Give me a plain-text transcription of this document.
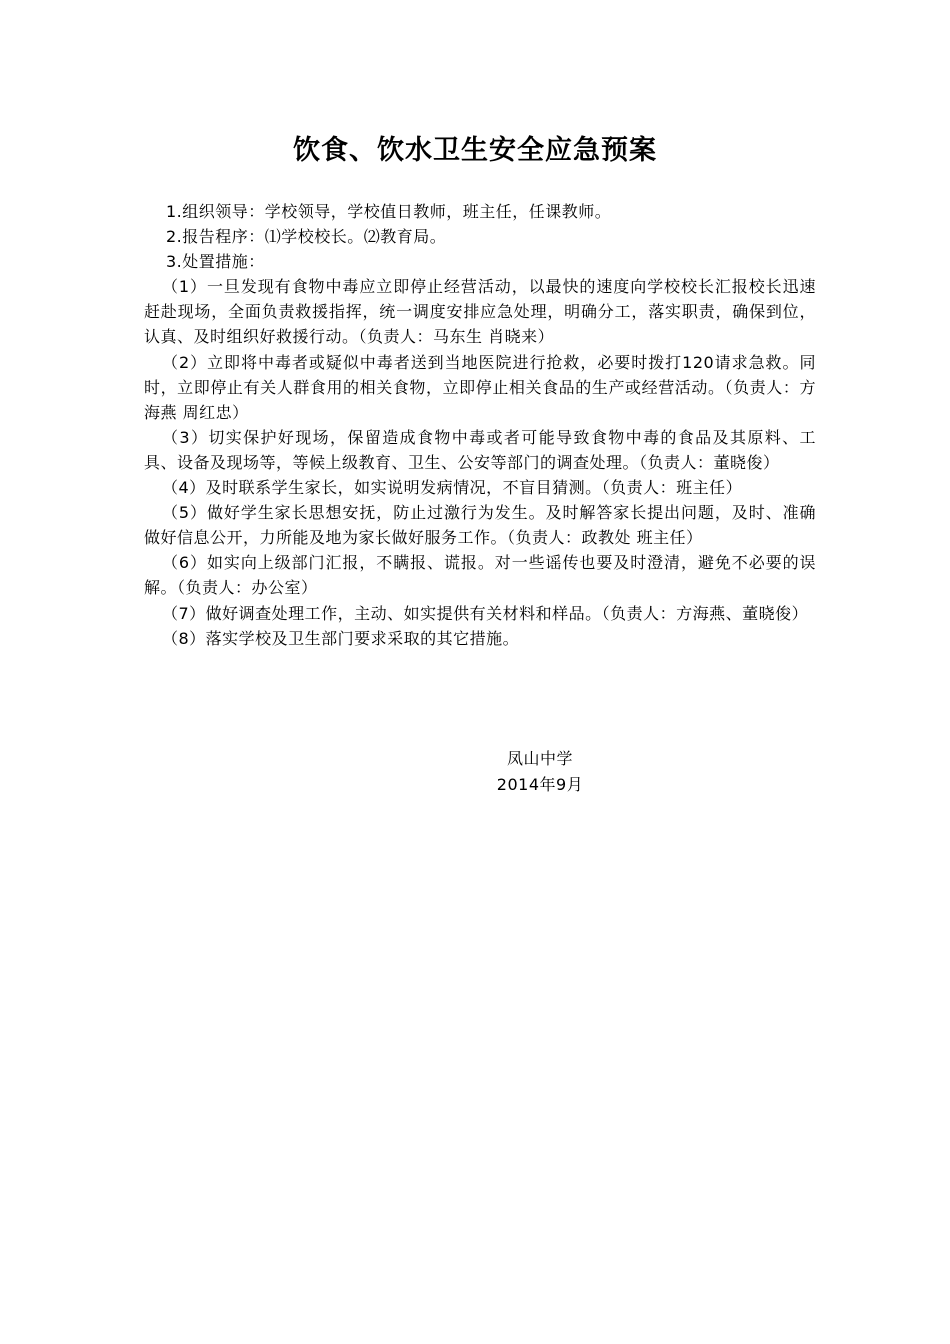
饮食、饮水卫生安全应急预案

1.组织领导：学校领导，学校值日教师，班主任，任课教师。

2.报告程序：⑴学校校长。⑵教育局。

3.处置措施：

（1）一旦发现有食物中毒应立即停止经营活动，以最快的速度向学校校长汇报校长迅速赶赴现场，全面负责救援指挥，统一调度安排应急处理，明确分工，落实职责，确保到位，认真、及时组织好救援行动。（负责人：马东生 肖晓来）

（2）立即将中毒者或疑似中毒者送到当地医院进行抢救，必要时拨打120请求急救。同时，立即停止有关人群食用的相关食物，立即停止相关食品的生产或经营活动。（负责人：方海燕 周红忠）

（3）切实保护好现场，保留造成食物中毒或者可能导致食物中毒的食品及其原料、工具、设备及现场等，等候上级教育、卫生、公安等部门的调查处理。（负责人：董晓俊）

（4）及时联系学生家长，如实说明发病情况，不盲目猜测。（负责人：班主任）

（5）做好学生家长思想安抚，防止过激行为发生。及时解答家长提出问题，及时、准确做好信息公开，力所能及地为家长做好服务工作。（负责人：政教处 班主任）

（6）如实向上级部门汇报，不瞒报、谎报。对一些谣传也要及时澄清，避免不必要的误解。（负责人：办公室）

（7）做好调查处理工作，主动、如实提供有关材料和样品。（负责人：方海燕、董晓俊）

（8）落实学校及卫生部门要求采取的其它措施。

凤山中学
2014年9月
